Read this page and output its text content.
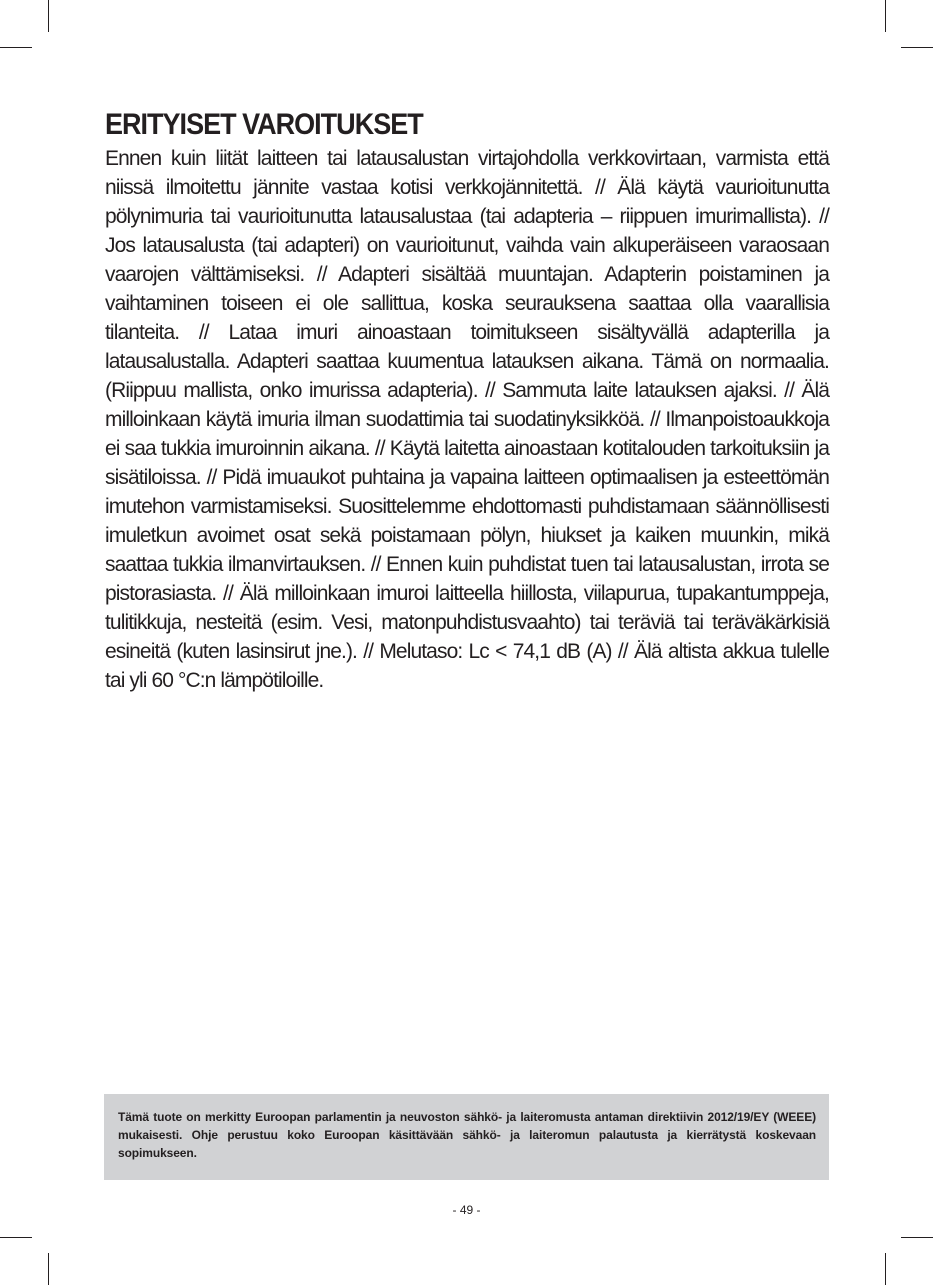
ERITYISET VAROITUKSET

Ennen kuin liität laitteen tai latausalustan virtajohdolla verkkovirtaan, varmista että niissä ilmoitettu jännite vastaa kotisi verkkojännitettä. // Älä käytä vaurioitunutta pölynimuria tai vaurioitunutta latausalustaa (tai adapteria – riippuen imurimallista). // Jos latausalusta (tai adapteri) on vaurioitunut, vaihda vain alkuperäiseen varaosaan vaarojen välttämiseksi. // Adapteri sisältää muuntajan. Adapterin poistaminen ja vaihtaminen toiseen ei ole sallittua, koska seurauksena saattaa olla vaarallisia tilanteita. // Lataa imuri ainoastaan toimitukseen sisältyvällä adapterilla ja latausalustalla. Adapteri saattaa kuumentua latauksen aikana. Tämä on normaalia. (Riippuu mallista, onko imurissa adapteria). // Sammuta laite latauksen ajaksi. // Älä milloinkaan käytä imuria ilman suodattimia tai suodatinyksikköä. // Ilmanpoistoaukkoja ei saa tukkia imuroinnin aikana. // Käytä laitetta ainoastaan kotitalouden tarkoituksiin ja sisätiloissa. // Pidä imuaukot puhtaina ja vapaina laitteen optimaalisen ja esteettömän imutehon varmistamiseksi. Suosittelemme ehdottomasti puhdistamaan säännöllisesti imuletkun avoimet osat sekä poistamaan pölyn, hiukset ja kaiken muunkin, mikä saattaa tukkia ilmanvirtauksen. // Ennen kuin puhdistat tuen tai latausalustan, irrota se pistorasiasta. // Älä milloinkaan imuroi laitteella hiillosta, viilapurua, tupakantumppeja, tulitikkuja, nesteitä (esim. Vesi, matonpuhdistusvaahto) tai teräviä tai teräväkärkisiä esineitä (kuten lasinsirut jne.). // Melutaso: Lc < 74,1 dB (A) // Älä altista akkua tulelle tai yli 60 °C:n lämpötiloille.

Tämä tuote on merkitty Euroopan parlamentin ja neuvoston sähkö- ja laiteromusta antaman direktiivin 2012/19/EY (WEEE) mukaisesti. Ohje perustuu koko Euroopan käsittävään sähkö- ja laiteromun palautusta ja kierrätystä koskevaan sopimukseen.
- 49 -
